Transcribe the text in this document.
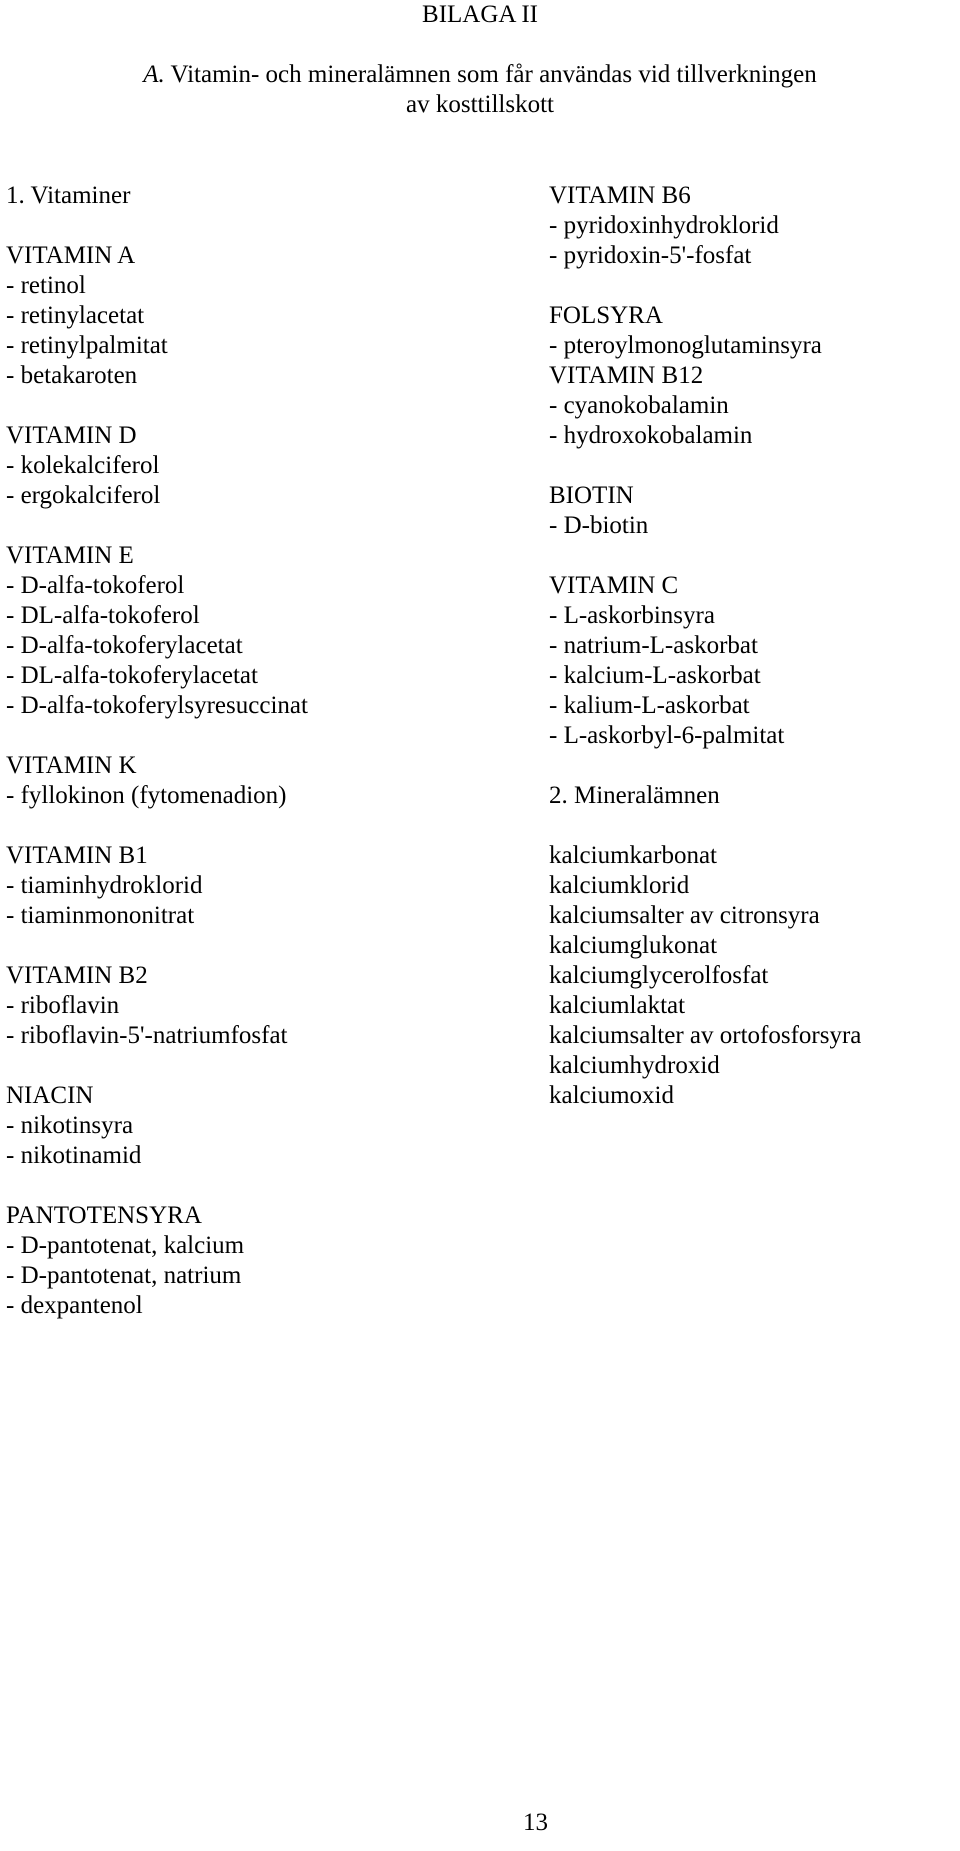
BILAGA II
A. Vitamin- och mineralämnen som får användas vid tillverkningen
av kosttillskott
1. Vitaminer
VITAMIN A
- retinol
- retinylacetat
- retinylpalmitat
- betakaroten
VITAMIN D
- kolekalciferol
- ergokalciferol
VITAMIN E
- D-alfa-tokoferol
- DL-alfa-tokoferol
- D-alfa-tokoferylacetat
- DL-alfa-tokoferylacetat
- D-alfa-tokoferylsyresuccinat
VITAMIN K
- fyllokinon (fytomenadion)
VITAMIN B1
- tiaminhydroklorid
- tiaminmononitrat
VITAMIN B2
- riboflavin
- riboflavin-5'-natriumfosfat
NIACIN
- nikotinsyra
- nikotinamid
PANTOTENSYRA
- D-pantotenat, kalcium
- D-pantotenat, natrium
- dexpantenol
VITAMIN B6
- pyridoxinhydroklorid
- pyridoxin-5'-fosfat
FOLSYRA
- pteroylmonoglutaminsyra
VITAMIN B12
- cyanokobalamin
- hydroxokobalamin
BIOTIN
- D-biotin
VITAMIN C
- L-askorbinsyra
- natrium-L-askorbat
- kalcium-L-askorbat
- kalium-L-askorbat
- L-askorbyl-6-palmitat
2. Mineralämnen
kalciumkarbonat
kalciumklorid
kalciumsalter av citronsyra
kalciumglukonat
kalciumglycerolfosfat
kalciumlaktat
kalciumsalter av ortofosforsyra
kalciumhydroxid
kalciumoxid
13
